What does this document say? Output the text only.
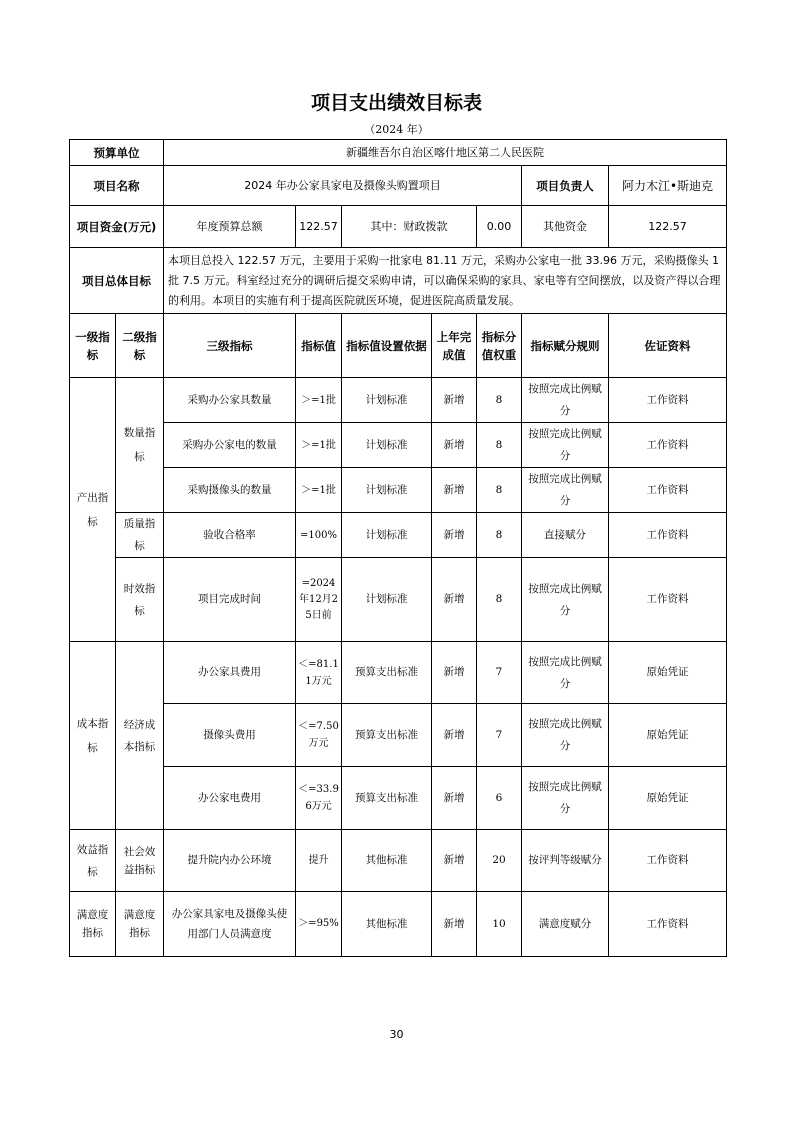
项目支出绩效目标表
（2024 年）
预算单位		新疆维吾尔自治区喀什地区第二人民医院						
项目名称		2024 年办公家具家电及摄像头购置项目					项目负责人	阿力木江•斯迪克
项目资金(万元)		年度预算总额	122.57	其中：财政拨款		0.00	其他资金	122.57
项目总体目标		本项目总投入 122.57 万元，主要用于采购一批家电 81.11 万元，采购办公家电一批 33.96 万元，采购摄像头 1 批 7.5 万元。科室经过充分的调研后提交采购申请，可以确保采购的家具、家电等有空间摆放，以及资产得以合理的利用。本项目的实施有利于提高医院就医环境，促进医院高质量发展。						
一级指标	二级指标	三级指标	指标值	指标值设置依据	上年完成值	指标分值权重	指标赋分规则	佐证资料
产出指标	数量指标	采购办公家具数量	＞=1批	计划标准	新增	8	按照完成比例赋分	工作资料
		采购办公家电的数量	＞=1批	计划标准	新增	8	按照完成比例赋分	工作资料
		采购摄像头的数量	＞=1批	计划标准	新增	8	按照完成比例赋分	工作资料
	质量指标	验收合格率	=100%	计划标准	新增	8	直接赋分	工作资料
	时效指标	项目完成时间	=2024年12月25日前	计划标准	新增	8	按照完成比例赋分	工作资料
成本指标	经济成本指标	办公家具费用	＜=81.11万元	预算支出标准	新增	7	按照完成比例赋分	原始凭证
		摄像头费用	＜=7.50万元	预算支出标准	新增	7	按照完成比例赋分	原始凭证
		办公家电费用	＜=33.96万元	预算支出标准	新增	6	按照完成比例赋分	原始凭证
效益指标	社会效益指标	提升院内办公环境	提升	其他标准	新增	20	按评判等级赋分	工作资料
满意度指标	满意度指标	办公家具家电及摄像头使用部门人员满意度	＞=95%	其他标准	新增	10	满意度赋分	工作资料
30
